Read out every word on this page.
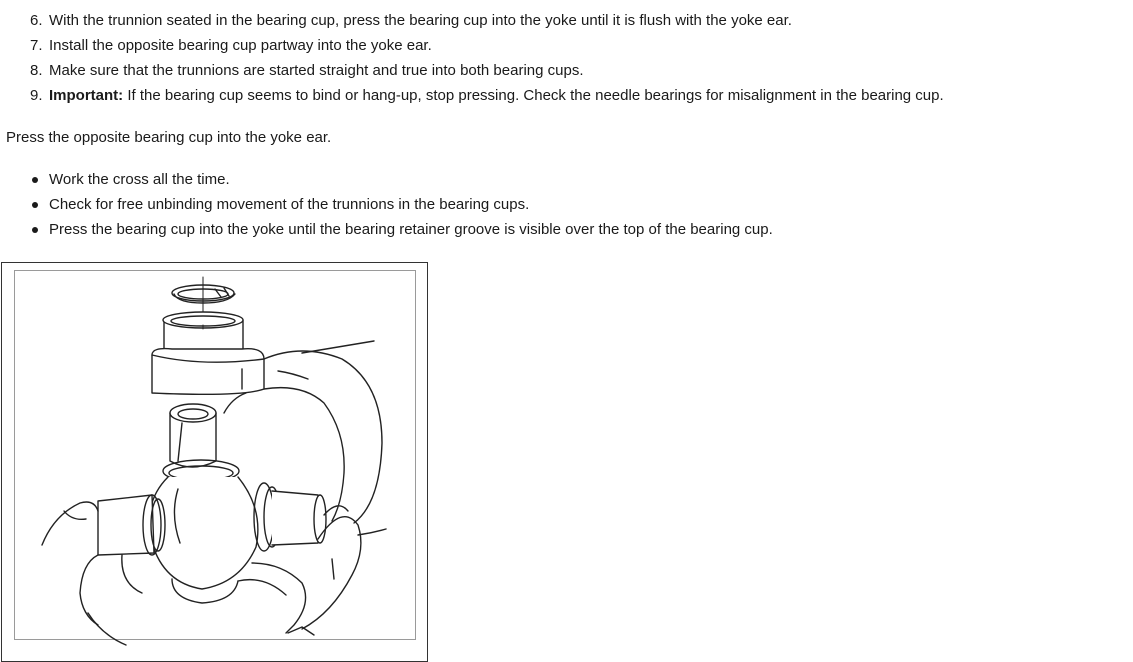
6. With the trunnion seated in the bearing cup, press the bearing cup into the yoke until it is flush with the yoke ear.
7. Install the opposite bearing cup partway into the yoke ear.
8. Make sure that the trunnions are started straight and true into both bearing cups.
9. Important: If the bearing cup seems to bind or hang-up, stop pressing. Check the needle bearings for misalignment in the bearing cup.

Press the opposite bearing cup into the yoke ear.

Work the cross all the time.
Check for free unbinding movement of the trunnions in the bearing cups.
Press the bearing cup into the yoke until the bearing retainer groove is visible over the top of the bearing cup.
